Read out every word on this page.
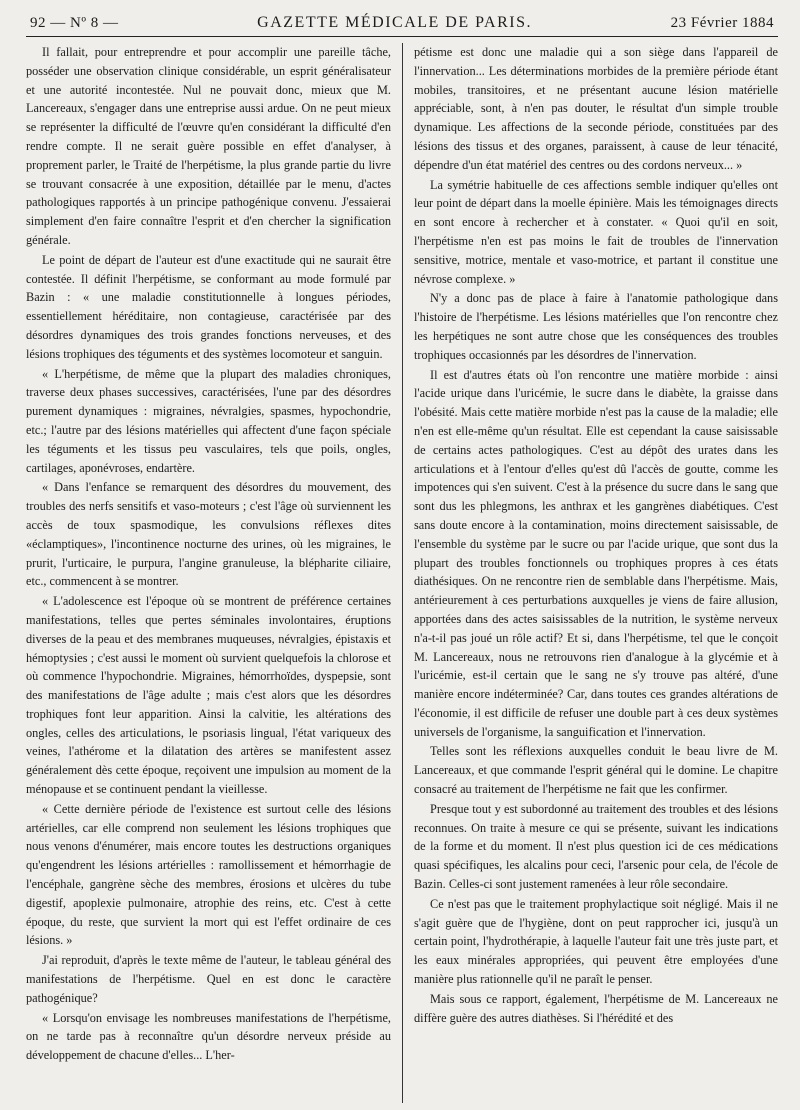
92 — Nº 8 —	GAZETTE MÉDICALE DE PARIS.	23 Février 1884

Il fallait, pour entreprendre et pour accomplir une pareille tâche, posséder une observation clinique considérable, un esprit généralisateur et une autorité incontestée. Nul ne pouvait donc, mieux que M. Lancereaux, s'engager dans une entreprise aussi ardue. On ne peut mieux se représenter la difficulté de l'œuvre qu'en considérant la difficulté d'en rendre compte. Il ne serait guère possible en effet d'analyser, à proprement parler, le Traité de l'herpétisme, la plus grande partie du livre se trouvant consacrée à une exposition, détaillée par le menu, d'actes pathologiques rapportés à un principe pathogénique convenu. J'essaierai simplement d'en faire connaître l'esprit et d'en chercher la signification générale.

Le point de départ de l'auteur est d'une exactitude qui ne saurait être contestée. Il définit l'herpétisme, se conformant au mode formulé par Bazin : « une maladie constitutionnelle à longues périodes, essentiellement héréditaire, non contagieuse, caractérisée par des désordres dynamiques des trois grandes fonctions nerveuses, et des lésions trophiques des téguments et des systèmes locomoteur et sanguin.

« L'herpétisme, de même que la plupart des maladies chroniques, traverse deux phases successives, caractérisées, l'une par des désordres purement dynamiques : migraines, névralgies, spasmes, hypochondrie, etc.; l'autre par des lésions matérielles qui affectent d'une façon spéciale les téguments et les tissus peu vasculaires, tels que poils, ongles, cartilages, aponévroses, endartère.

« Dans l'enfance se remarquent des désordres du mouvement, des troubles des nerfs sensitifs et vaso-moteurs ; c'est l'âge où surviennent les accès de toux spasmodique, les convulsions réflexes dites «éclamptiques», l'incontinence nocturne des urines, où les migraines, le prurit, l'urticaire, le purpura, l'angine granuleuse, la blépharite ciliaire, etc., commencent à se montrer.

« L'adolescence est l'époque où se montrent de préférence certaines manifestations, telles que pertes séminales involontaires, éruptions diverses de la peau et des membranes muqueuses, névralgies, épistaxis et hémoptysies ; c'est aussi le moment où survient quelquefois la chlorose et où commence l'hypochondrie. Migraines, hémorrhoïdes, dyspepsie, sont des manifestations de l'âge adulte ; mais c'est alors que les désordres trophiques font leur apparition. Ainsi la calvitie, les altérations des ongles, celles des articulations, le psoriasis lingual, l'état variqueux des veines, l'athérome et la dilatation des artères se manifestent assez généralement dès cette époque, reçoivent une impulsion au moment de la ménopause et se continuent pendant la vieillesse.

« Cette dernière période de l'existence est surtout celle des lésions artérielles, car elle comprend non seulement les lésions trophiques que nous venons d'énumérer, mais encore toutes les destructions organiques qu'engendrent les lésions artérielles : ramollissement et hémorrhagie de l'encéphale, gangrène sèche des membres, érosions et ulcères du tube digestif, apoplexie pulmonaire, atrophie des reins, etc. C'est à cette époque, du reste, que survient la mort qui est l'effet ordinaire de ces lésions. »

J'ai reproduit, d'après le texte même de l'auteur, le tableau général des manifestations de l'herpétisme. Quel en est donc le caractère pathogénique?

« Lorsqu'on envisage les nombreuses manifestations de l'herpétisme, on ne tarde pas à reconnaître qu'un désordre nerveux préside au développement de chacune d'elles... L'her-

pétisme est donc une maladie qui a son siège dans l'appareil de l'innervation... Les déterminations morbides de la première période étant mobiles, transitoires, et ne présentant aucune lésion matérielle appréciable, sont, à n'en pas douter, le résultat d'un simple trouble dynamique. Les affections de la seconde période, constituées par des lésions des tissus et des organes, paraissent, à cause de leur ténacité, dépendre d'un état matériel des centres ou des cordons nerveux... »

La symétrie habituelle de ces affections semble indiquer qu'elles ont leur point de départ dans la moelle épinière. Mais les témoignages directs en sont encore à rechercher et à constater. « Quoi qu'il en soit, l'herpétisme n'en est pas moins le fait de troubles de l'innervation sensitive, motrice, mentale et vaso-motrice, et partant il constitue une névrose complexe. »

N'y a donc pas de place à faire à l'anatomie pathologique dans l'histoire de l'herpétisme. Les lésions matérielles que l'on rencontre chez les herpétiques ne sont autre chose que les conséquences des troubles trophiques occasionnés par les désordres de l'innervation.

Il est d'autres états où l'on rencontre une matière morbide : ainsi l'acide urique dans l'uricémie, le sucre dans le diabète, la graisse dans l'obésité. Mais cette matière morbide n'est pas la cause de la maladie; elle n'en est elle-même qu'un résultat. Elle est cependant la cause saisissable de certains actes pathologiques. C'est au dépôt des urates dans les articulations et à l'entour d'elles qu'est dû l'accès de goutte, comme les impotences qui s'en suivent. C'est à la présence du sucre dans le sang que sont dus les phlegmons, les anthrax et les gangrènes diabétiques. C'est sans doute encore à la contamination, moins directement saisissable, de l'ensemble du système par le sucre ou par l'acide urique, que sont dus la plupart des troubles fonctionnels ou trophiques propres à ces états diathésiques. On ne rencontre rien de semblable dans l'herpétisme. Mais, antérieurement à ces perturbations auxquelles je viens de faire allusion, apportées dans des actes saisissables de la nutrition, le système nerveux n'a-t-il pas joué un rôle actif? Et si, dans l'herpétisme, tel que le conçoit M. Lancereaux, nous ne retrouvons rien d'analogue à la glycémie et à l'uricémie, est-il certain que le sang ne s'y trouve pas altéré, d'une manière encore indéterminée? Car, dans toutes ces grandes altérations de l'économie, il est difficile de refuser une double part à ces deux systèmes universels de l'organisme, la sanguification et l'innervation.

Telles sont les réflexions auxquelles conduit le beau livre de M. Lancereaux, et que commande l'esprit général qui le domine. Le chapitre consacré au traitement de l'herpétisme ne fait que les confirmer.

Presque tout y est subordonné au traitement des troubles et des lésions reconnues. On traite à mesure ce qui se présente, suivant les indications de la forme et du moment. Il n'est plus question ici de ces médications quasi spécifiques, les alcalins pour ceci, l'arsenic pour cela, de l'école de Bazin. Celles-ci sont justement ramenées à leur rôle secondaire.

Ce n'est pas que le traitement prophylactique soit négligé. Mais il ne s'agit guère que de l'hygiène, dont on peut rapprocher ici, jusqu'à un certain point, l'hydrothérapie, à laquelle l'auteur fait une très juste part, et les eaux minérales appropriées, qui peuvent être employées d'une manière plus rationnelle qu'il ne paraît le penser.

Mais sous ce rapport, également, l'herpétisme de M. Lancereaux ne diffère guère des autres diathèses. Si l'hérédité et des
